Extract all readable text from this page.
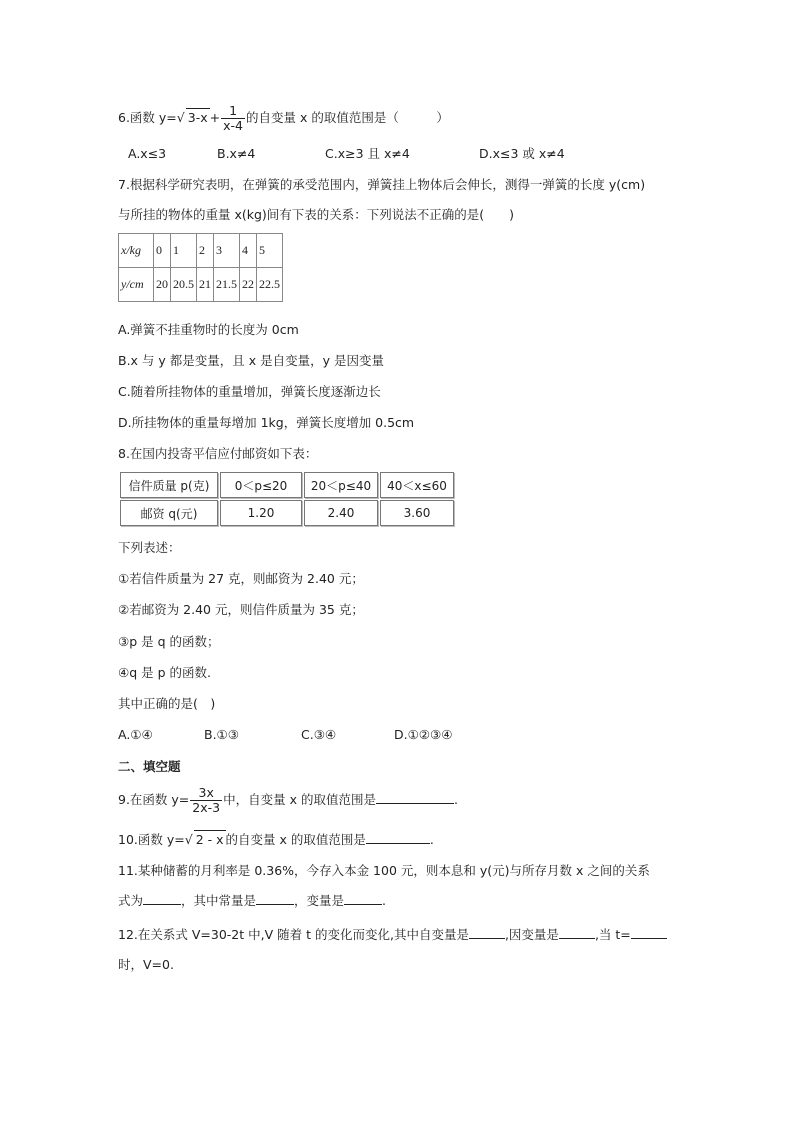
6.函数 y=√ $3-x + \frac{1}{x-4}$ 的自变量 x 的取值范围是（　　　）
A.x≤3	B.x≠4	C.x≥3 且 x≠4	D.x≤3 或 x≠4
7.根据科学研究表明，在弹簧的承受范围内，弹簧挂上物体后会伸长，测得一弹簧的长度 y(cm)
与所挂的物体的重量 x(kg)间有下表的关系：下列说法不正确的是(　　)
x/kg	0	1	2	3	4	5
y/cm	20	20.5	21	21.5	22	22.5
A.弹簧不挂重物时的长度为 0cm
B.x 与 y 都是变量，且 x 是自变量，y 是因变量
C.随着所挂物体的重量增加，弹簧长度逐渐边长
D.所挂物体的重量每增加 1kg，弹簧长度增加 0.5cm
8.在国内投寄平信应付邮资如下表：
信件质量 p(克)	0＜p≤20	20＜p≤40	40＜x≤60
邮资 q(元)	1.20	2.40	3.60
下列表述：
①若信件质量为 27 克，则邮资为 2.40 元；
②若邮资为 2.40 元，则信件质量为 35 克；
③p 是 q 的函数；
④q 是 p 的函数.
其中正确的是(　)
A.①④	B.①③	C.③④	D.①②③④
二、填空题
9.在函数 $y= \frac{3x}{2x-3}$ 中，自变量 x 的取值范围是	.
10.函数 y=√ 2 - x 的自变量 x 的取值范围是	.
11.某种储蓄的月利率是 0.36%，今存入本金 100 元，则本息和 y(元)与所存月数 x 之间的关系
式为	，其中常量是	，变量是	.
12.在关系式 V=30-2t 中,V 随着 t 的变化而变化,其中自变量是	,因变量是	,当 t=
时，V=0.
